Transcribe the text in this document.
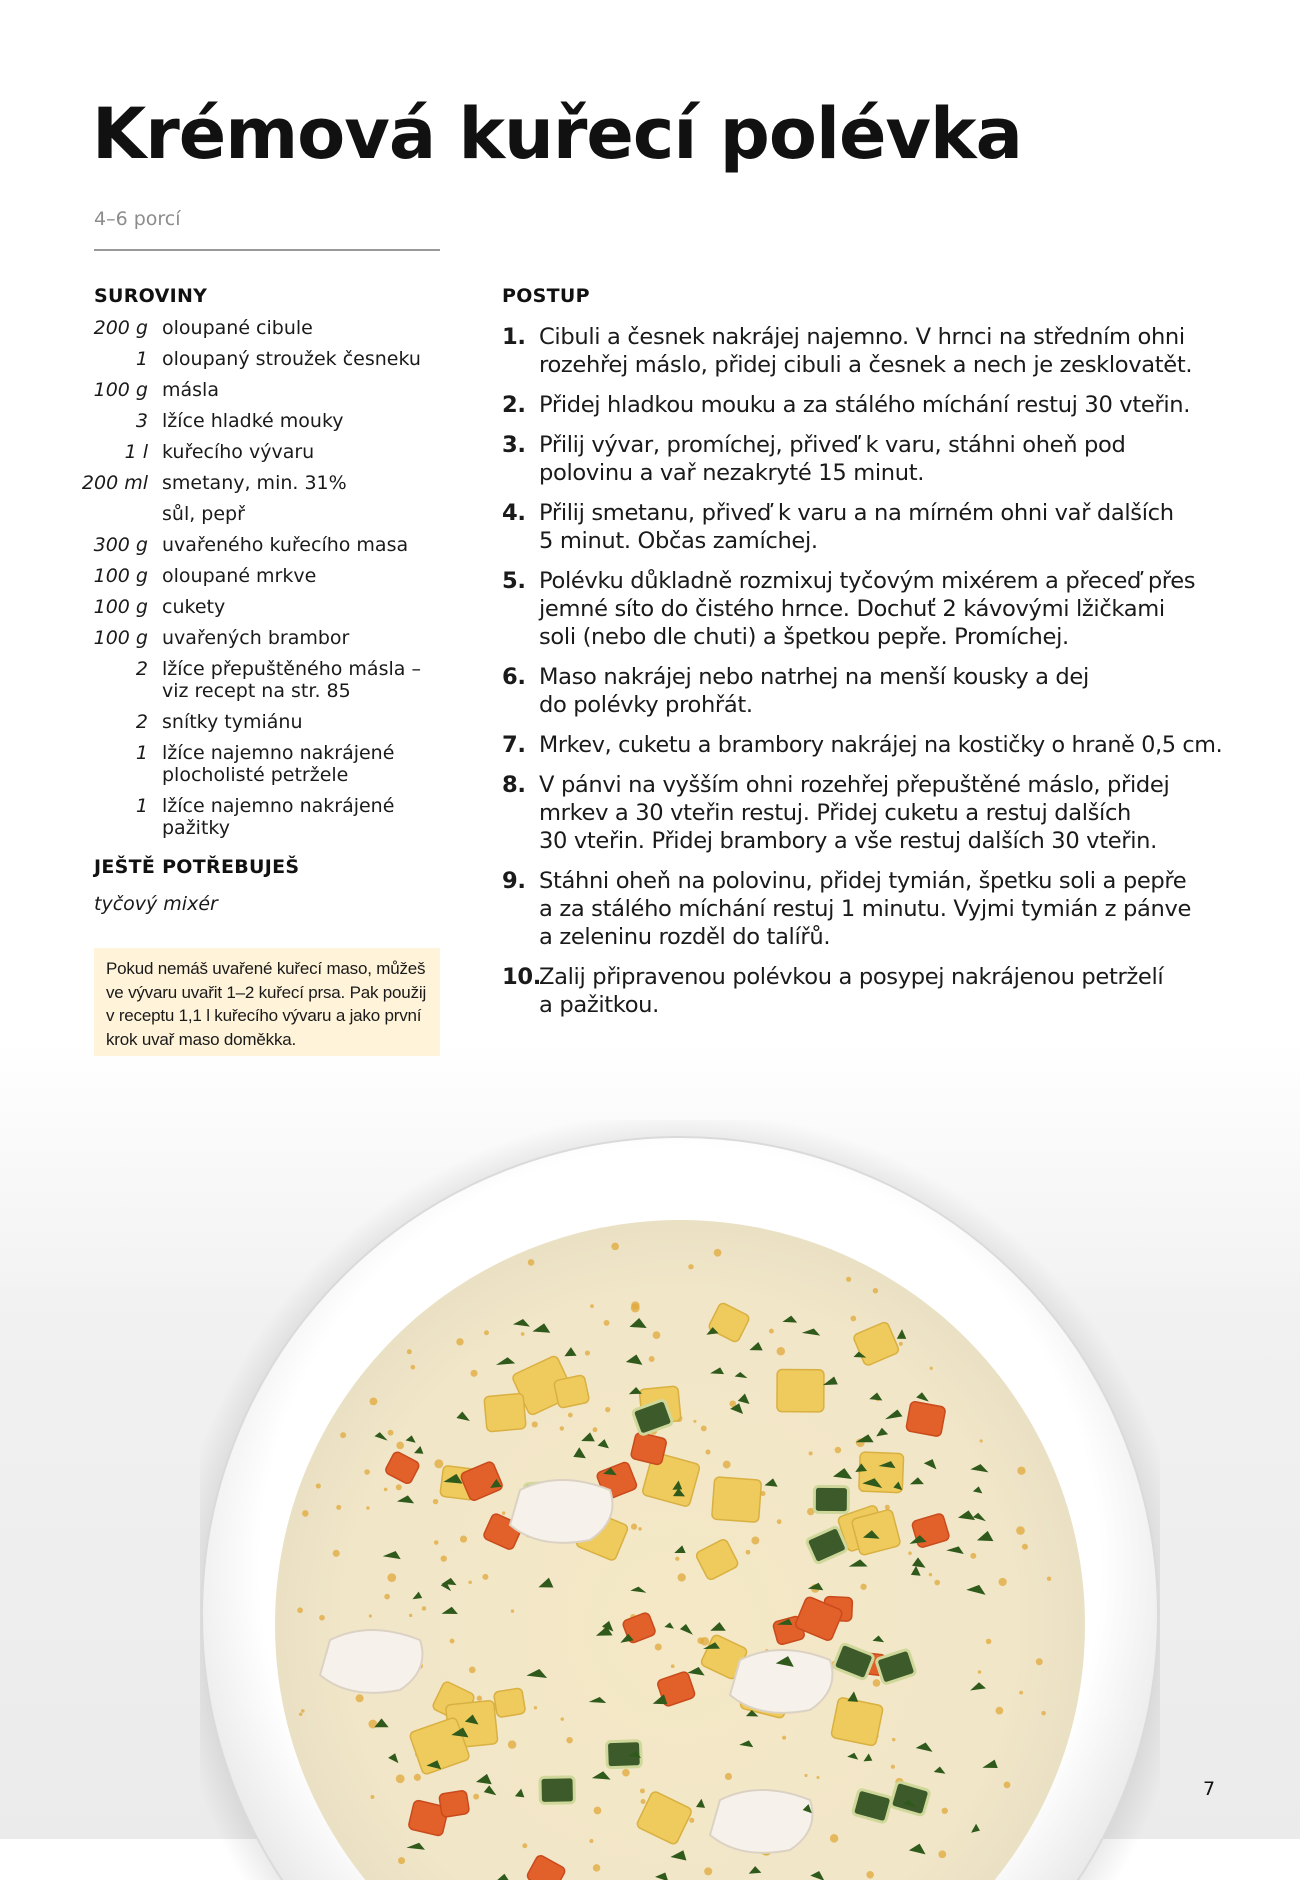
Krémová kuřecí polévka
4–6 porcí
SUROVINY
200 g oloupané cibule
1 oloupaný stroužek česneku
100 g másla
3 lžíce hladké mouky
1 l kuřecího vývaru
200 ml smetany, min. 31%
sůl, pepř
300 g uvařeného kuřecího masa
100 g oloupané mrkve
100 g cukety
100 g uvařených brambor
2 lžíce přepuštěného másla –
viz recept na str. 85
2 snítky tymiánu
1 lžíce najemno nakrájené
plocholisté petržele
1 lžíce najemno nakrájené
pažitky
JEŠTĚ POTŘEBUJEŠ
tyčový mixér
Pokud nemáš uvařené kuřecí maso, můžeš
ve vývaru uvařit 1–2 kuřecí prsa. Pak použij
v receptu 1,1 l kuřecího vývaru a jako první
krok uvař maso doměkka.
POSTUP
1. Cibuli a česnek nakrájej najemno. V hrnci na středním ohni
rozehřej máslo, přidej cibuli a česnek a nech je zesklovatět.
2. Přidej hladkou mouku a za stálého míchání restuj 30 vteřin.
3. Přilij vývar, promíchej, přiveď k varu, stáhni oheň pod
polovinu a vař nezakryté 15 minut.
4. Přilij smetanu, přiveď k varu a na mírném ohni vař dalších
5 minut. Občas zamíchej.
5. Polévku důkladně rozmixuj tyčovým mixérem a přeceď přes
jemné síto do čistého hrnce. Dochuť 2 kávovými lžičkami
soli (nebo dle chuti) a špetkou pepře. Promíchej.
6. Maso nakrájej nebo natrhej na menší kousky a dej
do polévky prohřát.
7. Mrkev, cuketu a brambory nakrájej na kostičky o hraně 0,5 cm.
8. V pánvi na vyšším ohni rozehřej přepuštěné máslo, přidej
mrkev a 30 vteřin restuj. Přidej cuketu a restuj dalších
30 vteřin. Přidej brambory a vše restuj dalších 30 vteřin.
9. Stáhni oheň na polovinu, přidej tymián, špetku soli a pepře
a za stálého míchání restuj 1 minutu. Vyjmi tymián z pánve
a zeleninu rozděl do talířů.
10.
Zalij připravenou polévkou a posypej nakrájenou petrželí
a pažitkou.
7
